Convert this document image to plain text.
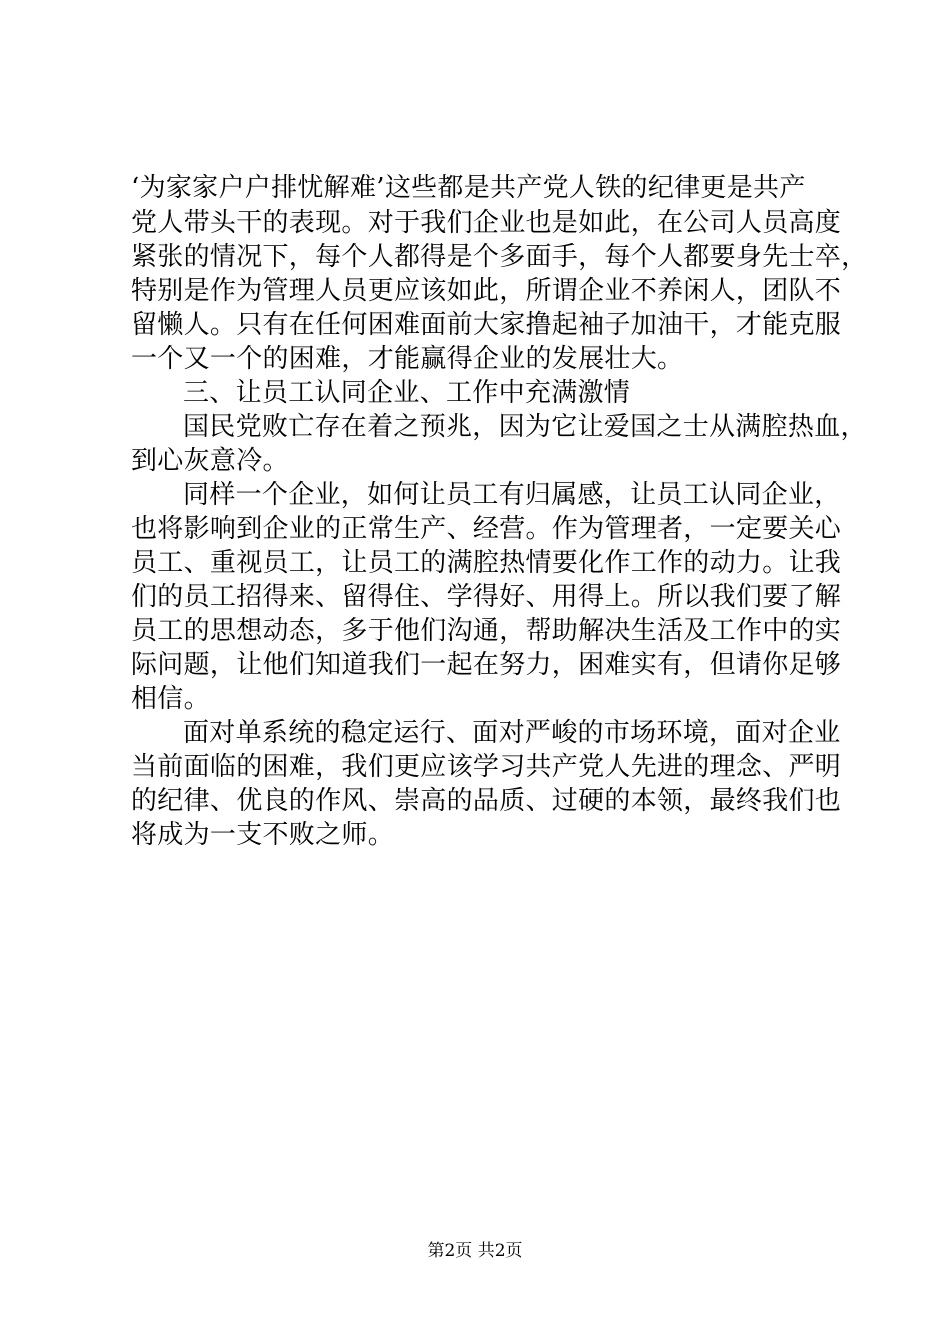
‘为家家户户排忧解难’这些都是共产党人铁的纪律更是共产
党人带头干的表现。对于我们企业也是如此，在公司人员高度
紧张的情况下，每个人都得是个多面手，每个人都要身先士卒，
特别是作为管理人员更应该如此，所谓企业不养闲人，团队不
留懒人。只有在任何困难面前大家撸起袖子加油干，才能克服
一个又一个的困难，才能赢得企业的发展壮大。
三、让员工认同企业、工作中充满激情
国民党败亡存在着之预兆，因为它让爱国之士从满腔热血，
到心灰意冷。
同样一个企业，如何让员工有归属感，让员工认同企业，
也将影响到企业的正常生产、经营。作为管理者，一定要关心
员工、重视员工，让员工的满腔热情要化作工作的动力。让我
们的员工招得来、留得住、学得好、用得上。所以我们要了解
员工的思想动态，多于他们沟通，帮助解决生活及工作中的实
际问题，让他们知道我们一起在努力，困难实有，但请你足够
相信。
面对单系统的稳定运行、面对严峻的市场环境，面对企业
当前面临的困难，我们更应该学习共产党人先进的理念、严明
的纪律、优良的作风、崇高的品质、过硬的本领，最终我们也
将成为一支不败之师。
第2页 共2页
